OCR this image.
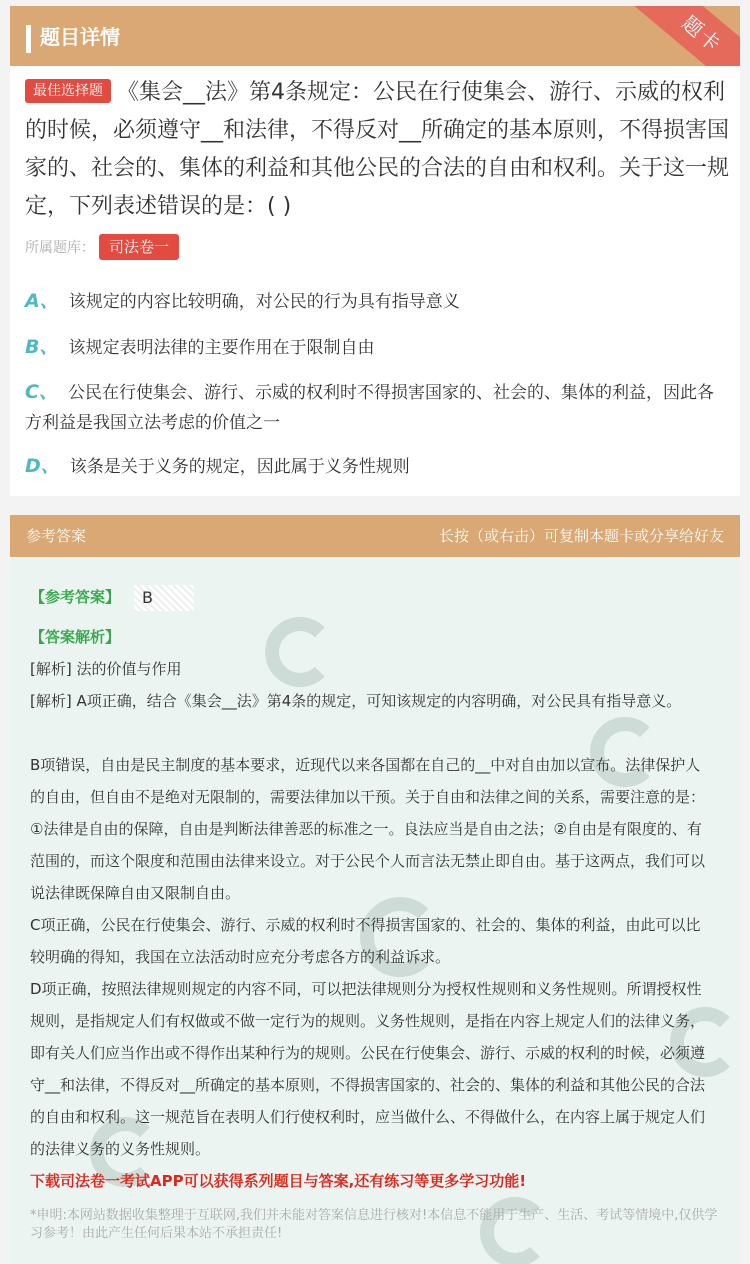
题目详情	题卡
最佳选择题 《集会__法》第4条规定：公民在行使集会、游行、示威的权利的时候，必须遵守__和法律，不得反对__所确定的基本原则，不得损害国家的、社会的、集体的利益和其他公民的合法的自由和权利。关于这一规定，下列表述错误的是：( )
所属题库： 司法卷一
A、 该规定的内容比较明确，对公民的行为具有指导意义
B、 该规定表明法律的主要作用在于限制自由
C、 公民在行使集会、游行、示威的权利时不得损害国家的、社会的、集体的利益，因此各方利益是我国立法考虑的价值之一
D、 该条是关于义务的规定，因此属于义务性规则
参考答案	长按（或右击）可复制本题卡或分享给好友
【参考答案】	B
【答案解析】
[解析] 法的价值与作用
[解析] A项正确，结合《集会__法》第4条的规定，可知该规定的内容明确，对公民具有指导意义。
B项错误，自由是民主制度的基本要求，近现代以来各国都在自己的__中对自由加以宣布。法律保护人的自由，但自由不是绝对无限制的，需要法律加以干预。关于自由和法律之间的关系，需要注意的是：①法律是自由的保障，自由是判断法律善恶的标准之一。良法应当是自由之法；②自由是有限度的、有范围的，而这个限度和范围由法律来设立。对于公民个人而言法无禁止即自由。基于这两点，我们可以说法律既保障自由又限制自由。
C项正确，公民在行使集会、游行、示威的权利时不得损害国家的、社会的、集体的利益，由此可以比较明确的得知，我国在立法活动时应充分考虑各方的利益诉求。
D项正确，按照法律规则规定的内容不同，可以把法律规则分为授权性规则和义务性规则。所谓授权性规则，是指规定人们有权做或不做一定行为的规则。义务性规则，是指在内容上规定人们的法律义务，即有关人们应当作出或不得作出某种行为的规则。公民在行使集会、游行、示威的权利的时候，必须遵守__和法律，不得反对__所确定的基本原则，不得损害国家的、社会的、集体的利益和其他公民的合法的自由和权利。这一规范旨在表明人们行使权利时，应当做什么、不得做什么，在内容上属于规定人们的法律义务的义务性规则。
下载司法卷一考试APP可以获得系列题目与答案,还有练习等更多学习功能!
*申明:本网站数据收集整理于互联网,我们并未能对答案信息进行核对!本信息不能用于生产、生活、考试等情境中,仅供学习参考！由此产生任何后果本站不承担责任!
